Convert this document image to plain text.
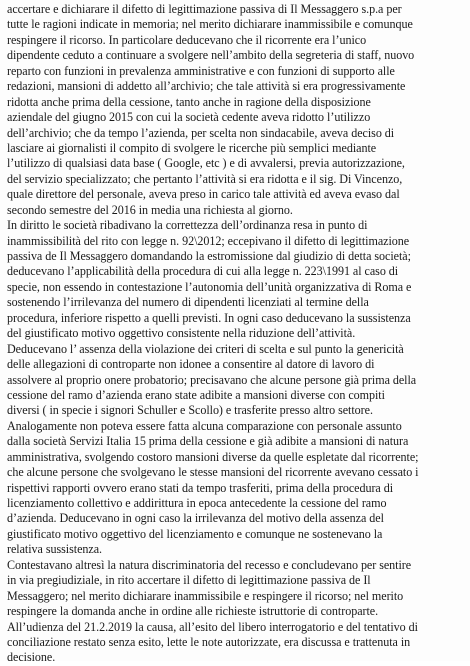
accertare e dichiarare il difetto di legittimazione passiva di Il Messaggero s.p.a per
tutte le ragioni indicate in memoria; nel merito dichiarare inammissibile e comunque
respingere il ricorso. In particolare deducevano che il ricorrente era l’unico
dipendente ceduto a continuare a svolgere nell’ambito della segreteria di staff, nuovo
reparto con funzioni in prevalenza amministrative e con funzioni di supporto alle
redazioni, mansioni di addetto all’archivio; che tale attività si era progressivamente
ridotta anche prima della cessione, tanto anche in ragione della disposizione
aziendale del giugno 2015 con cui la società cedente aveva ridotto l’utilizzo
dell’archivio; che da tempo l’azienda, per scelta non sindacabile, aveva deciso di
lasciare ai giornalisti il compito di svolgere le ricerche più semplici mediante
l’utilizzo di qualsiasi data base ( Google, etc ) e di avvalersi, previa autorizzazione,
del servizio specializzato; che pertanto l’attività si era ridotta e il sig. Di Vincenzo,
quale direttore del personale, aveva preso in carico tale attività ed aveva evaso dal
secondo semestre del 2016 in media una richiesta al giorno.
In diritto le società ribadivano la correttezza dell’ordinanza resa in punto di
inammissibilità del rito con legge n. 92\2012; eccepivano il difetto di legittimazione
passiva de Il Messaggero domandando la estromissione dal giudizio di detta società;
deducevano l’applicabilità della procedura di cui alla legge n. 223\1991 al caso di
specie, non essendo in contestazione l’autonomia dell’unità organizzativa di Roma e
sostenendo l’irrilevanza del numero di dipendenti licenziati al termine della
procedura, inferiore rispetto a quelli previsti. In ogni caso deducevano la sussistenza
del giustificato motivo oggettivo consistente nella riduzione dell’attività.
Deducevano l’ assenza della violazione dei criteri di scelta e sul punto la genericità
delle allegazioni di controparte non idonee a consentire al datore di lavoro di
assolvere al proprio onere probatorio; precisavano che alcune persone già prima della
cessione del ramo d’azienda erano state adibite a mansioni diverse con compiti
diversi ( in specie i signori Schuller e Scollo) e trasferite presso altro settore.
Analogamente non poteva essere fatta alcuna comparazione con personale assunto
dalla società Servizi Italia 15 prima della cessione e già adibite a mansioni di natura
amministrativa, svolgendo costoro mansioni diverse da quelle espletate dal ricorrente;
che alcune persone che svolgevano le stesse mansioni del ricorrente avevano cessato i
rispettivi rapporti ovvero erano stati da tempo trasferiti, prima della procedura di
licenziamento collettivo e addirittura in epoca antecedente la cessione del ramo
d’azienda. Deducevano in ogni caso la irrilevanza del motivo della assenza del
giustificato motivo oggettivo del licenziamento e comunque ne sostenevano la
relativa sussistenza.
Contestavano altresì la natura discriminatoria del recesso e concludevano per sentire
in via pregiudiziale, in rito accertare il difetto di legittimazione passiva de Il
Messaggero; nel merito dichiarare inammissibile e respingere il ricorso; nel merito
respingere la domanda anche in ordine alle richieste istruttorie di controparte.
All’udienza del 21.2.2019 la causa, all’esito del libero interrogatorio e del tentativo di
conciliazione restato senza esito, lette le note autorizzate, era discussa e trattenuta in
decisione.
